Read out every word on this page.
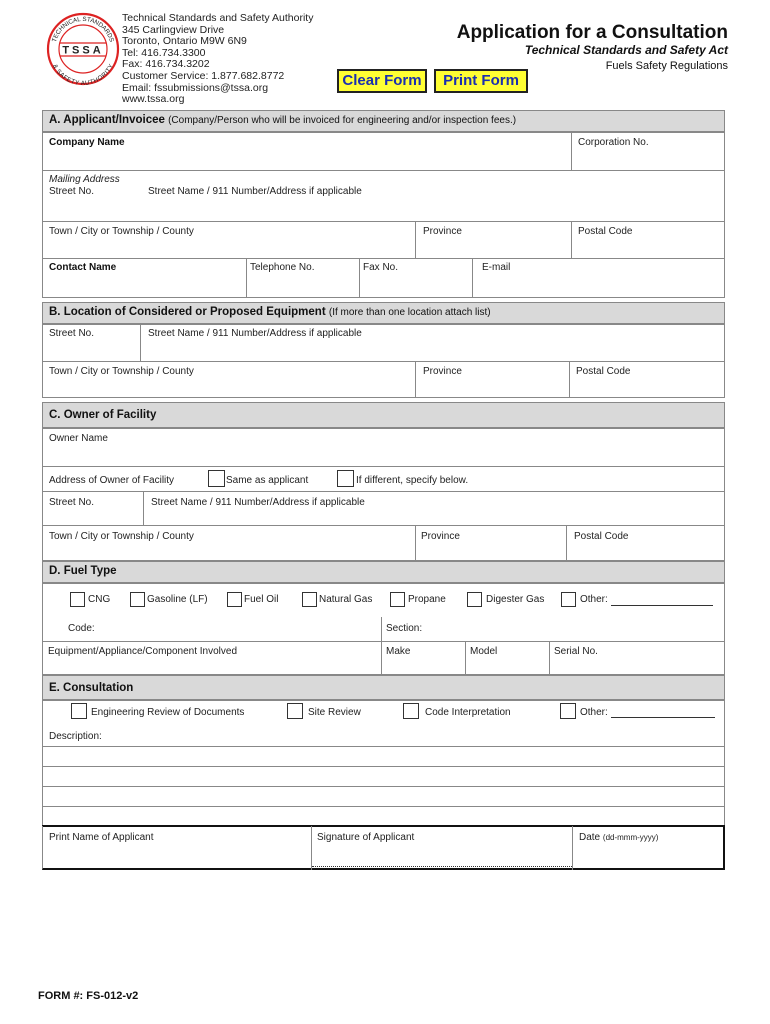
TECHNICAL STANDARDS
& SAFETY AUTHORITY
TSSA
Technical Standards and Safety Authority
345 Carlingview Drive
Toronto, Ontario M9W 6N9
Tel: 416.734.3300
Fax: 416.734.3202
Customer Service: 1.877.682.8772
Email: fssubmissions@tssa.org
www.tssa.org
Application for a Consultation
Technical Standards and Safety Act
Fuels Safety Regulations
Clear Form	Print Form
A. Applicant/Invoicee (Company/Person who will be invoiced for engineering and/or inspection fees.)
Company Name	Corporation No.
Mailing Address
Street No.	Street Name / 911 Number/Address if applicable
Town / City or Township / County	Province	Postal Code
Contact Name	Telephone No.	Fax No.	E-mail
B. Location of Considered or Proposed Equipment (If more than one location attach list)
Street No.	Street Name / 911 Number/Address if applicable
Town / City or Township / County	Province	Postal Code
C. Owner of Facility
Owner Name
Address of Owner of Facility	Same as applicant	If different, specify below.
Street No.	Street Name / 911 Number/Address if applicable
Town / City or Township / County	Province	Postal Code
D. Fuel Type
CNG	Gasoline (LF)	Fuel Oil	Natural Gas	Propane	Digester Gas	Other:
Code:	Section:
Equipment/Appliance/Component Involved	Make	Model	Serial No.
E. Consultation
Engineering Review of Documents	Site Review	Code Interpretation	Other:
Description:
Print Name of Applicant	Signature of Applicant	Date (dd-mmm-yyyy)
FORM #: FS-012-v2
